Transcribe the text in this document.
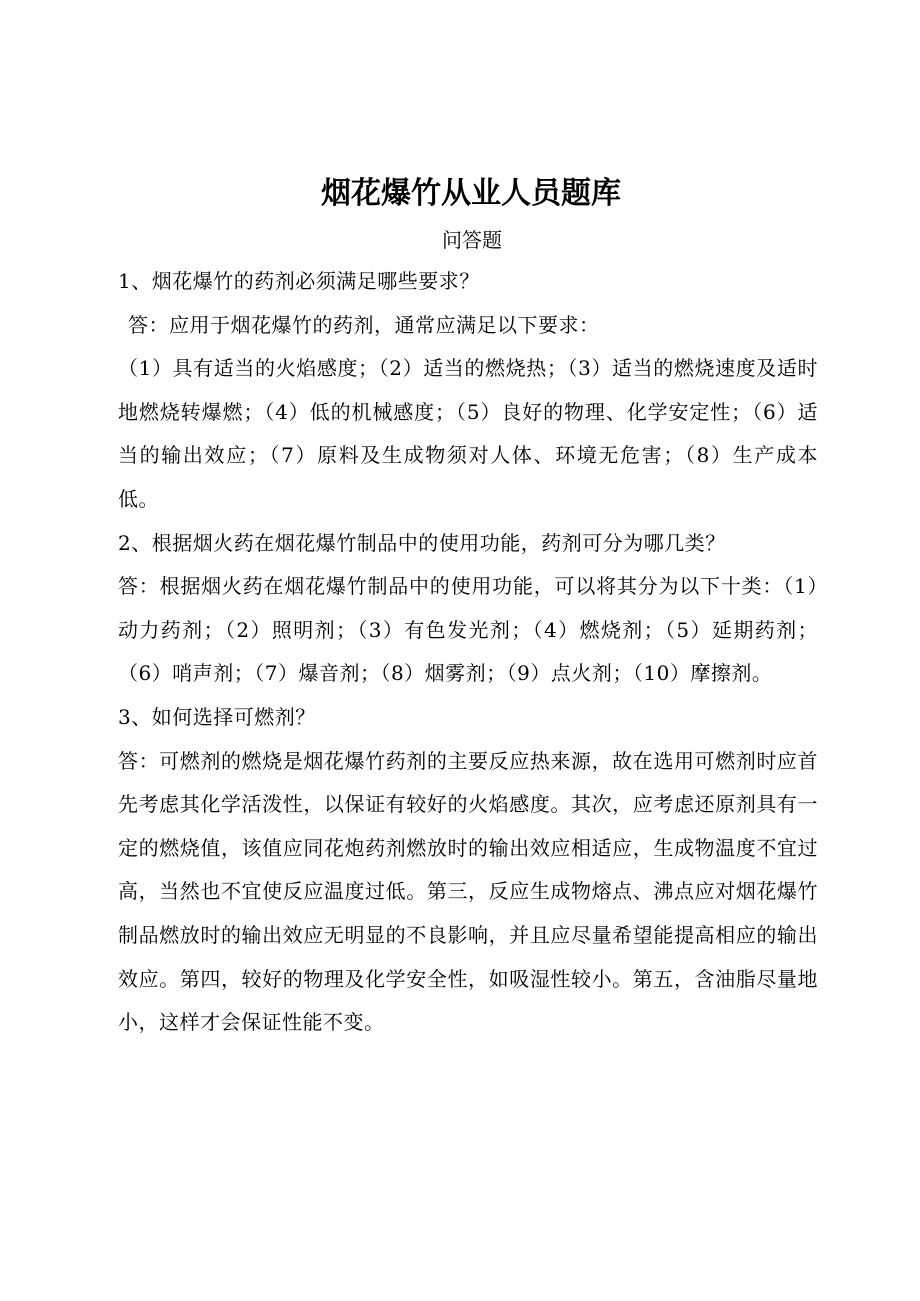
烟花爆竹从业人员题库

问答题

1、烟花爆竹的药剂必须满足哪些要求？

答：应用于烟花爆竹的药剂，通常应满足以下要求：

（1）具有适当的火焰感度；（2）适当的燃烧热；（3）适当的燃烧速度及适时地燃烧转爆燃；（4）低的机械感度；（5）良好的物理、化学安定性；（6）适当的输出效应；（7）原料及生成物须对人体、环境无危害；（8）生产成本低。

2、根据烟火药在烟花爆竹制品中的使用功能，药剂可分为哪几类？

答：根据烟火药在烟花爆竹制品中的使用功能，可以将其分为以下十类：（1）动力药剂；（2）照明剂；（3）有色发光剂；（4）燃烧剂；（5）延期药剂；（6）哨声剂；（7）爆音剂；（8）烟雾剂；（9）点火剂；（10）摩擦剂。

3、如何选择可燃剂？

答：可燃剂的燃烧是烟花爆竹药剂的主要反应热来源，故在选用可燃剂时应首先考虑其化学活泼性，以保证有较好的火焰感度。其次，应考虑还原剂具有一定的燃烧值，该值应同花炮药剂燃放时的输出效应相适应，生成物温度不宜过高，当然也不宜使反应温度过低。第三，反应生成物熔点、沸点应对烟花爆竹制品燃放时的输出效应无明显的不良影响，并且应尽量希望能提高相应的输出效应。第四，较好的物理及化学安全性，如吸湿性较小。第五，含油脂尽量地小，这样才会保证性能不变。
